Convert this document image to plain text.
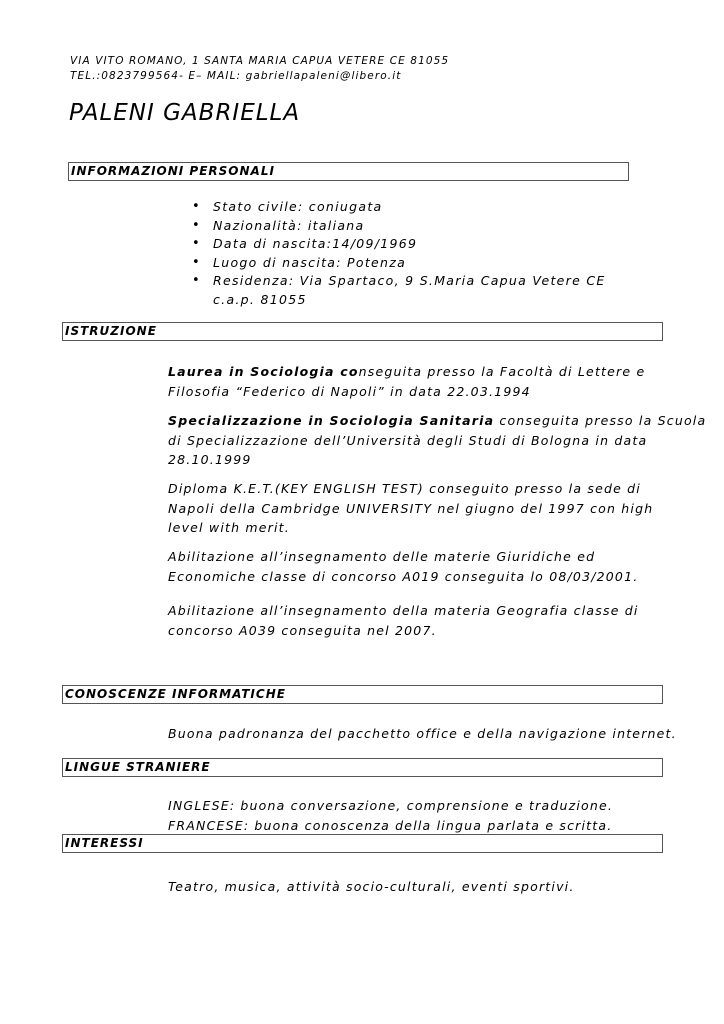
VIA VITO ROMANO, 1 SANTA MARIA CAPUA VETERE CE 81055
TEL.:0823799564- E– MAIL: gabriellapaleni@libero.it
PALENI GABRIELLA
INFORMAZIONI PERSONALI
• Stato civile: coniugata
• Nazionalità: italiana
• Data di nascita:14/09/1969
• Luogo di nascita: Potenza
• Residenza: Via Spartaco, 9 S.Maria Capua Vetere CE
c.a.p. 81055
ISTRUZIONE
Laurea in Sociologia conseguita presso la Facoltà di Lettere e
Filosofia “Federico di Napoli” in data 22.03.1994
Specializzazione in Sociologia Sanitaria conseguita presso la Scuola
di Specializzazione dell’Università degli Studi di Bologna in data
28.10.1999
Diploma K.E.T.(KEY ENGLISH TEST) conseguito presso la sede di
Napoli della Cambridge UNIVERSITY nel giugno del 1997 con high
level with merit.
Abilitazione all’insegnamento delle materie Giuridiche ed
Economiche classe di concorso A019 conseguita lo 08/03/2001.
Abilitazione all’insegnamento della materia Geografia classe di
concorso A039 conseguita nel 2007.
CONOSCENZE INFORMATICHE
Buona padronanza del pacchetto office e della navigazione internet.
LINGUE STRANIERE
INGLESE: buona conversazione, comprensione e traduzione.
FRANCESE: buona conoscenza della lingua parlata e scritta.
INTERESSI
Teatro, musica, attività socio-culturali, eventi sportivi.
